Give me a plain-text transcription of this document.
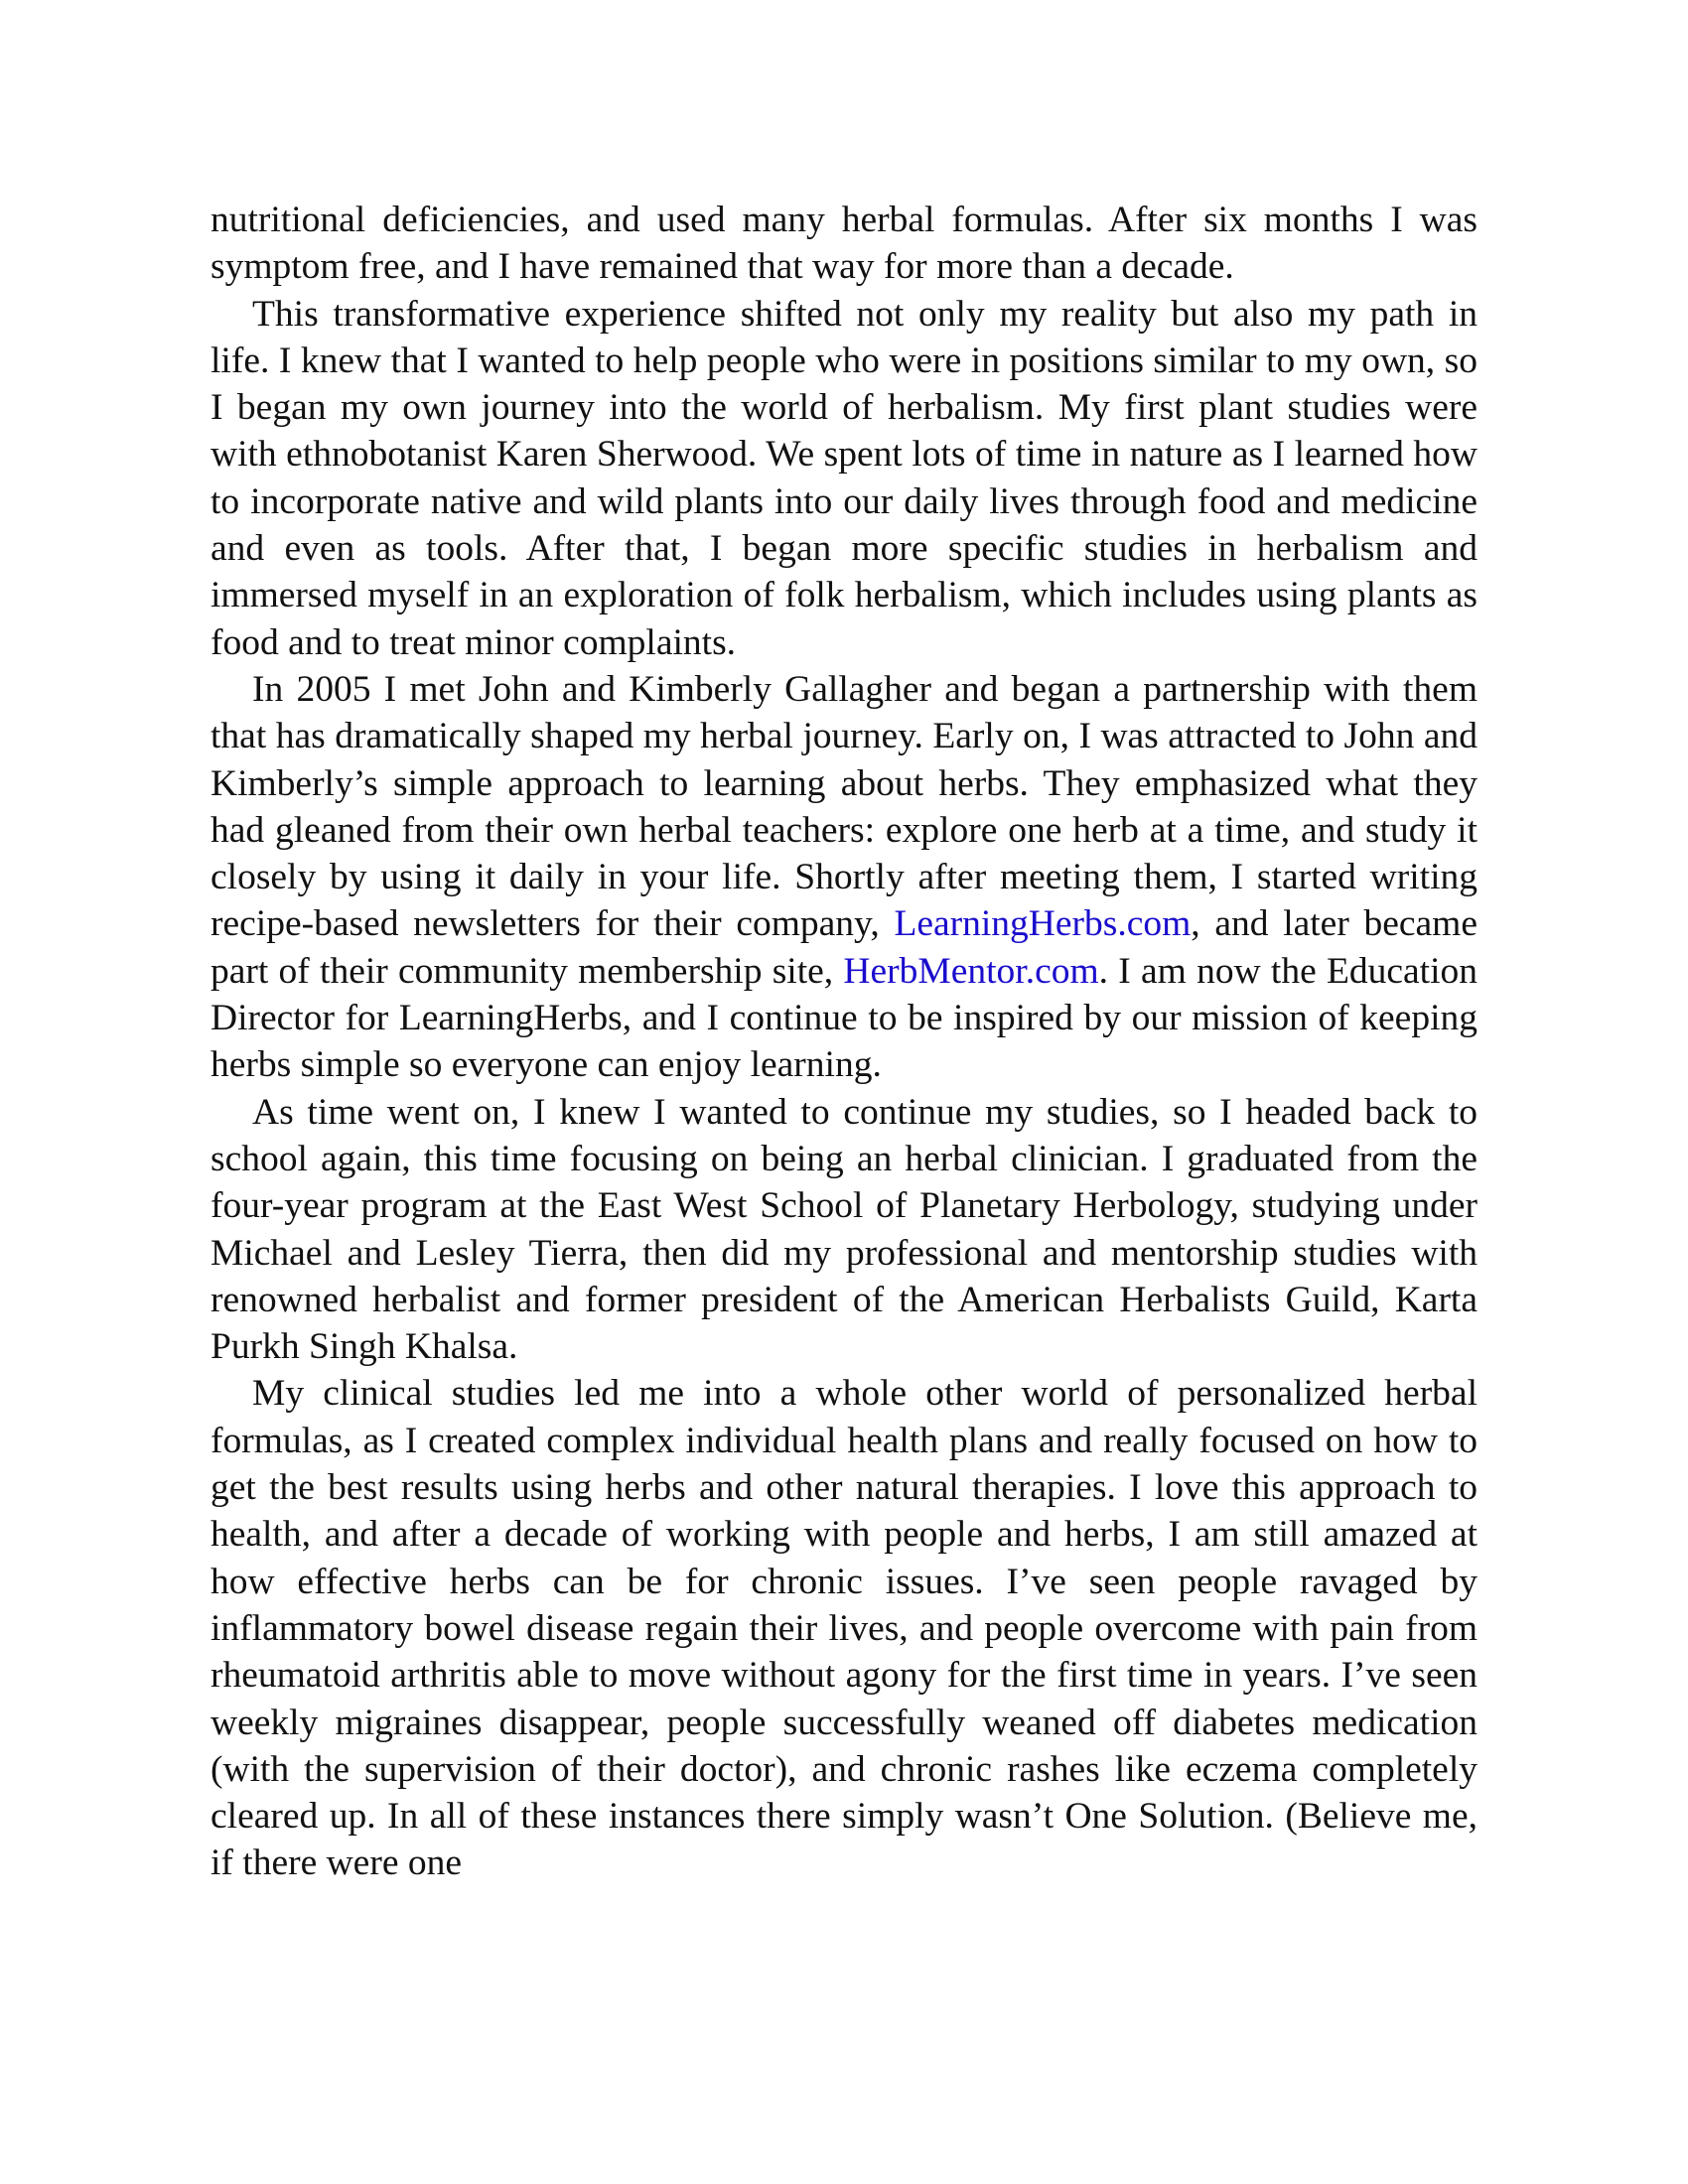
nutritional deficiencies, and used many herbal formulas. After six months I was symptom free, and I have remained that way for more than a decade.

This transformative experience shifted not only my reality but also my path in life. I knew that I wanted to help people who were in positions similar to my own, so I began my own journey into the world of herbalism. My first plant studies were with ethnobotanist Karen Sherwood. We spent lots of time in nature as I learned how to incorporate native and wild plants into our daily lives through food and medicine and even as tools. After that, I began more specific studies in herbalism and immersed myself in an exploration of folk herbalism, which includes using plants as food and to treat minor complaints.

In 2005 I met John and Kimberly Gallagher and began a partnership with them that has dramatically shaped my herbal journey. Early on, I was attracted to John and Kimberly’s simple approach to learning about herbs. They emphasized what they had gleaned from their own herbal teachers: explore one herb at a time, and study it closely by using it daily in your life. Shortly after meeting them, I started writing recipe-based newsletters for their company, LearningHerbs.com, and later became part of their community membership site, HerbMentor.com. I am now the Education Director for LearningHerbs, and I continue to be inspired by our mission of keeping herbs simple so everyone can enjoy learning.

As time went on, I knew I wanted to continue my studies, so I headed back to school again, this time focusing on being an herbal clinician. I graduated from the four-year program at the East West School of Planetary Herbology, studying under Michael and Lesley Tierra, then did my professional and mentorship studies with renowned herbalist and former president of the American Herbalists Guild, Karta Purkh Singh Khalsa.

My clinical studies led me into a whole other world of personalized herbal formulas, as I created complex individual health plans and really focused on how to get the best results using herbs and other natural therapies. I love this approach to health, and after a decade of working with people and herbs, I am still amazed at how effective herbs can be for chronic issues. I’ve seen people ravaged by inflammatory bowel disease regain their lives, and people overcome with pain from rheumatoid arthritis able to move without agony for the first time in years. I’ve seen weekly migraines disappear, people successfully weaned off diabetes medication (with the supervision of their doctor), and chronic rashes like eczema completely cleared up. In all of these instances there simply wasn’t One Solution. (Believe me, if there were one
